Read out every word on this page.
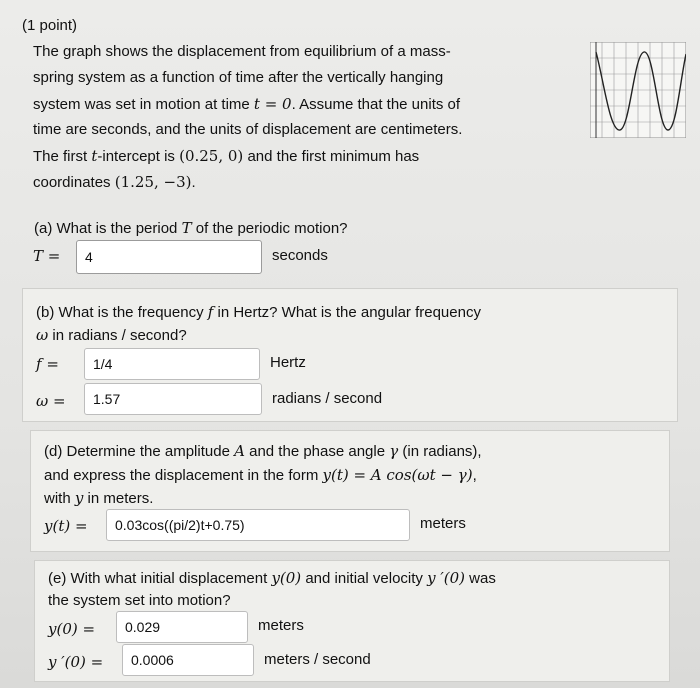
(1 point)
The graph shows the displacement from equilibrium of a mass-
spring system as a function of time after the vertically hanging
system was set in motion at time t = 0. Assume that the units of
time are seconds, and the units of displacement are centimeters.
The first t-intercept is (0.25, 0) and the first minimum has
coordinates (1.25, −3).
(a) What is the period T of the periodic motion?
T =	4	seconds
(b) What is the frequency f in Hertz? What is the angular frequency
ω in radians / second?
f =	1/4	Hertz
ω =	1.57	radians / second
(d) Determine the amplitude A and the phase angle γ (in radians),
and express the displacement in the form y(t) = A cos(ωt − γ),
with y in meters.
y(t) =	0.03cos((pi/2)t+0.75)	meters
(e) With what initial displacement y(0) and initial velocity y ′(0) was
the system set into motion?
y(0) =	0.029	meters
y ′(0) =	0.0006	meters / second
